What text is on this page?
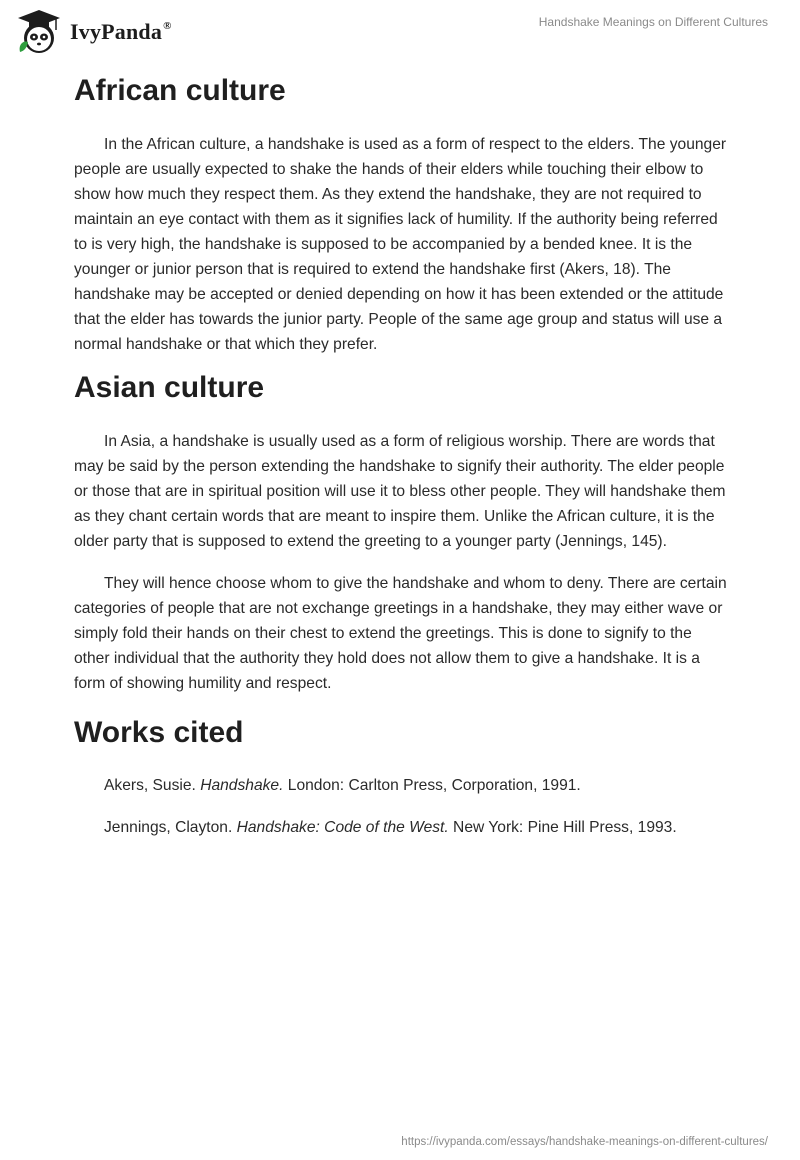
IvyPanda®	Handshake Meanings on Different Cultures
African culture

In the African culture, a handshake is used as a form of respect to the elders. The younger people are usually expected to shake the hands of their elders while touching their elbow to show how much they respect them. As they extend the handshake, they are not required to maintain an eye contact with them as it signifies lack of humility. If the authority being referred to is very high, the handshake is supposed to be accompanied by a bended knee. It is the younger or junior person that is required to extend the handshake first (Akers, 18). The handshake may be accepted or denied depending on how it has been extended or the attitude that the elder has towards the junior party. People of the same age group and status will use a normal handshake or that which they prefer.

Asian culture

In Asia, a handshake is usually used as a form of religious worship. There are words that may be said by the person extending the handshake to signify their authority. The elder people or those that are in spiritual position will use it to bless other people. They will handshake them as they chant certain words that are meant to inspire them. Unlike the African culture, it is the older party that is supposed to extend the greeting to a younger party (Jennings, 145).

They will hence choose whom to give the handshake and whom to deny. There are certain categories of people that are not exchange greetings in a handshake, they may either wave or simply fold their hands on their chest to extend the greetings. This is done to signify to the other individual that the authority they hold does not allow them to give a handshake. It is a form of showing humility and respect.

Works cited

Akers, Susie. Handshake. London: Carlton Press, Corporation, 1991.

Jennings, Clayton. Handshake: Code of the West. New York: Pine Hill Press, 1993.

https://ivypanda.com/essays/handshake-meanings-on-different-cultures/
